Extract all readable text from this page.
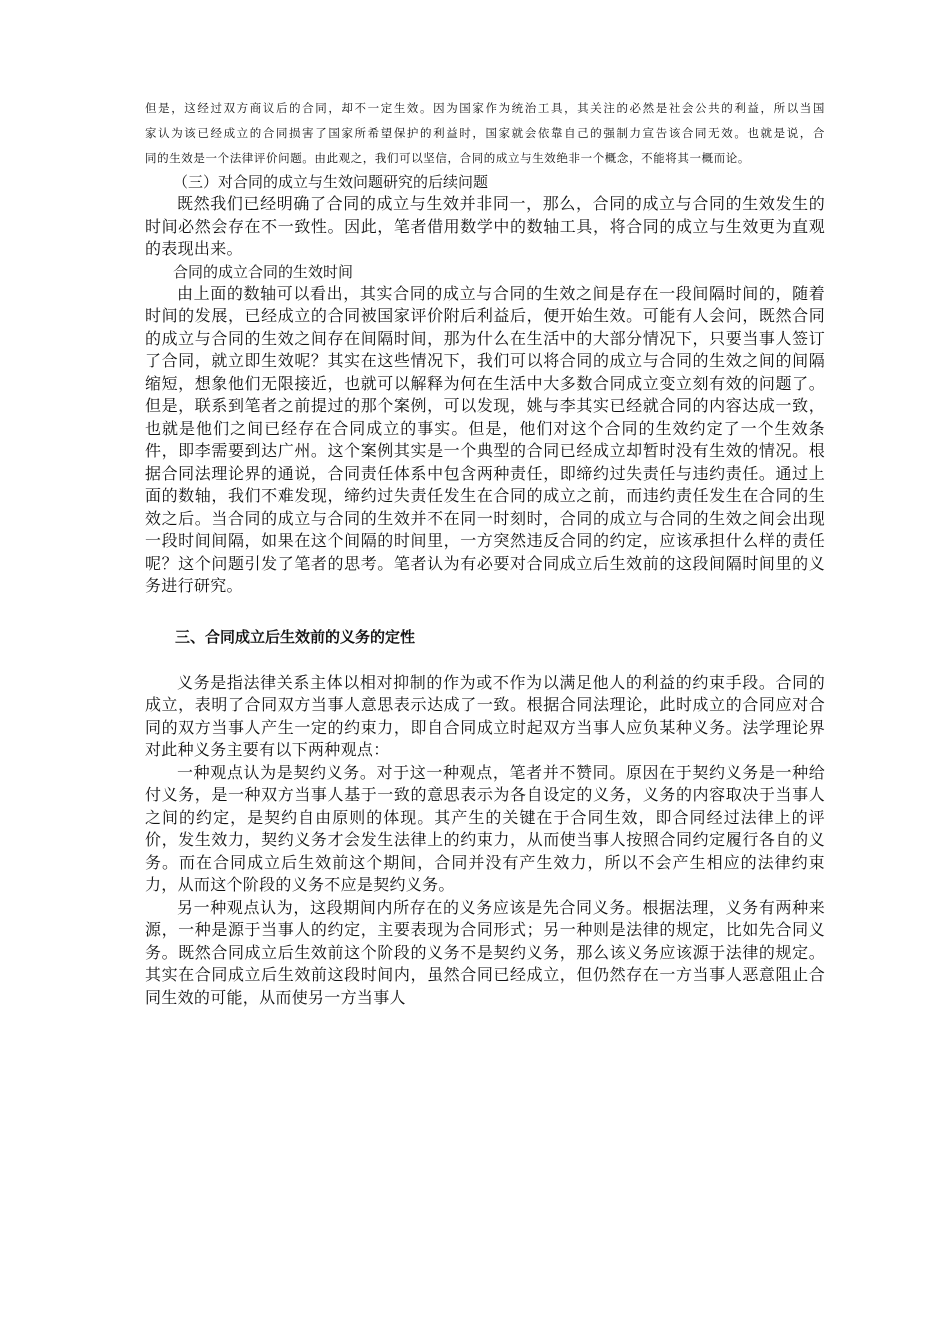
但是，这经过双方商议后的合同，却不一定生效。因为国家作为统治工具，其关注的必然是社会公共的利益，所以当国
家认为该已经成立的合同损害了国家所希望保护的利益时，国家就会依靠自己的强制力宣告该合同无效。也就是说，合
同的生效是一个法律评价问题。由此观之，我们可以坚信，合同的成立与生效绝非一个概念，不能将其一概而论。

（三）对合同的成立与生效问题研究的后续问题

既然我们已经明确了合同的成立与生效并非同一，那么，合同的成立与合同的生效发生的时间必然会存在不一致性。因此，笔者借用数学中的数轴工具，将合同的成立与生效更为直观的表现出来。

合同的成立合同的生效时间

由上面的数轴可以看出，其实合同的成立与合同的生效之间是存在一段间隔时间的，随着时间的发展，已经成立的合同被国家评价附后利益后，便开始生效。可能有人会问，既然合同的成立与合同的生效之间存在间隔时间，那为什么在生活中的大部分情况下，只要当事人签订了合同，就立即生效呢？其实在这些情况下，我们可以将合同的成立与合同的生效之间的间隔缩短，想象他们无限接近，也就可以解释为何在生活中大多数合同成立变立刻有效的问题了。但是，联系到笔者之前提过的那个案例，可以发现，姚与李其实已经就合同的内容达成一致，也就是他们之间已经存在合同成立的事实。但是，他们对这个合同的生效约定了一个生效条件，即李需要到达广州。这个案例其实是一个典型的合同已经成立却暂时没有生效的情况。根据合同法理论界的通说，合同责任体系中包含两种责任，即缔约过失责任与违约责任。通过上面的数轴，我们不难发现，缔约过失责任发生在合同的成立之前，而违约责任发生在合同的生效之后。当合同的成立与合同的生效并不在同一时刻时，合同的成立与合同的生效之间会出现一段时间间隔，如果在这个间隔的时间里，一方突然违反合同的约定，应该承担什么样的责任呢？这个问题引发了笔者的思考。笔者认为有必要对合同成立后生效前的这段间隔时间里的义务进行研究。

三、合同成立后生效前的义务的定性

义务是指法律关系主体以相对抑制的作为或不作为以满足他人的利益的约束手段。合同的成立，表明了合同双方当事人意思表示达成了一致。根据合同法理论，此时成立的合同应对合同的双方当事人产生一定的约束力，即自合同成立时起双方当事人应负某种义务。法学理论界对此种义务主要有以下两种观点：

一种观点认为是契约义务。对于这一种观点，笔者并不赞同。原因在于契约义务是一种给付义务，是一种双方当事人基于一致的意思表示为各自设定的义务，义务的内容取决于当事人之间的约定，是契约自由原则的体现。其产生的关键在于合同生效，即合同经过法律上的评价，发生效力，契约义务才会发生法律上的约束力，从而使当事人按照合同约定履行各自的义务。而在合同成立后生效前这个期间，合同并没有产生效力，所以不会产生相应的法律约束力，从而这个阶段的义务不应是契约义务。

另一种观点认为，这段期间内所存在的义务应该是先合同义务。根据法理，义务有两种来源，一种是源于当事人的约定，主要表现为合同形式；另一种则是法律的规定，比如先合同义务。既然合同成立后生效前这个阶段的义务不是契约义务，那么该义务应该源于法律的规定。其实在合同成立后生效前这段时间内，虽然合同已经成立，但仍然存在一方当事人恶意阻止合同生效的可能，从而使另一方当事人
